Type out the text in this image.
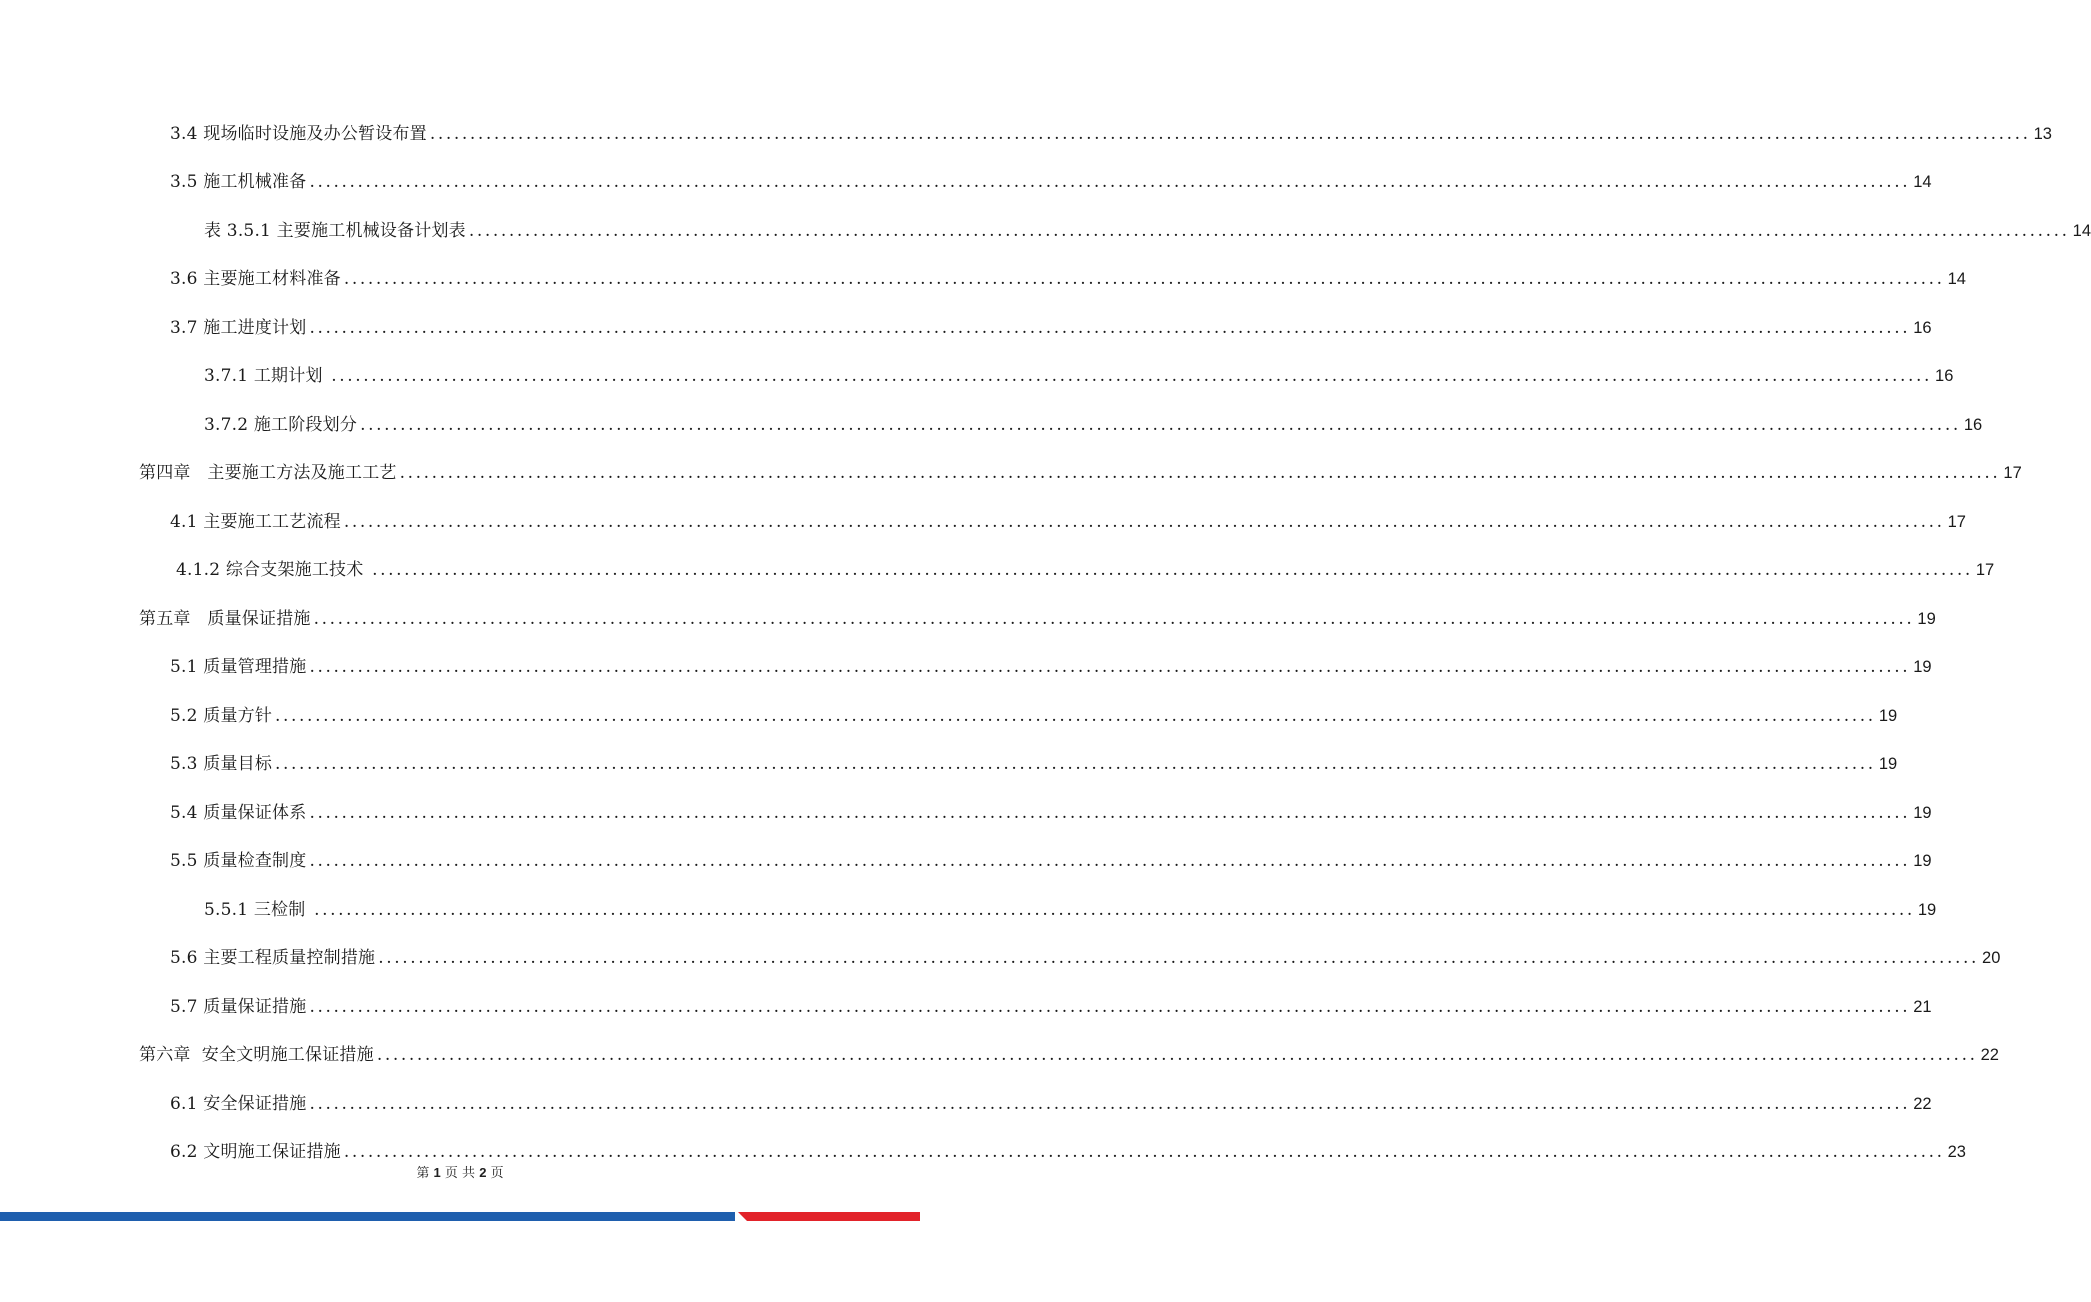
3.4 现场临时设施及办公暂设布置 ........................................................................................................................................................................................................ 13
3.5 施工机械准备 ........................................................................................................................................................................................................ 14
表 3.5.1 主要施工机械设备计划表 ........................................................................................................................................................................................................ 14
3.6 主要施工材料准备 ........................................................................................................................................................................................................ 14
3.7 施工进度计划 ........................................................................................................................................................................................................ 16
3.7.1 工期计划 ........................................................................................................................................................................................................ 16
3.7.2 施工阶段划分 ........................................................................................................................................................................................................ 16
第四章   主要施工方法及施工工艺 ........................................................................................................................................................................................................ 17
4.1 主要施工工艺流程 ........................................................................................................................................................................................................ 17
4.1.2 综合支架施工技术 ........................................................................................................................................................................................................ 17
第五章   质量保证措施 ........................................................................................................................................................................................................ 19
5.1 质量管理措施 ........................................................................................................................................................................................................ 19
5.2 质量方针 ........................................................................................................................................................................................................ 19
5.3 质量目标 ........................................................................................................................................................................................................ 19
5.4 质量保证体系 ........................................................................................................................................................................................................ 19
5.5 质量检查制度 ........................................................................................................................................................................................................ 19
5.5.1 三检制 ........................................................................................................................................................................................................ 19
5.6 主要工程质量控制措施 ........................................................................................................................................................................................................ 20
5.7 质量保证措施 ........................................................................................................................................................................................................ 21
第六章  安全文明施工保证措施 ........................................................................................................................................................................................................ 22
6.1 安全保证措施 ........................................................................................................................................................................................................ 22
6.2 文明施工保证措施 ........................................................................................................................................................................................................ 23
第 1 页 共 2 页
